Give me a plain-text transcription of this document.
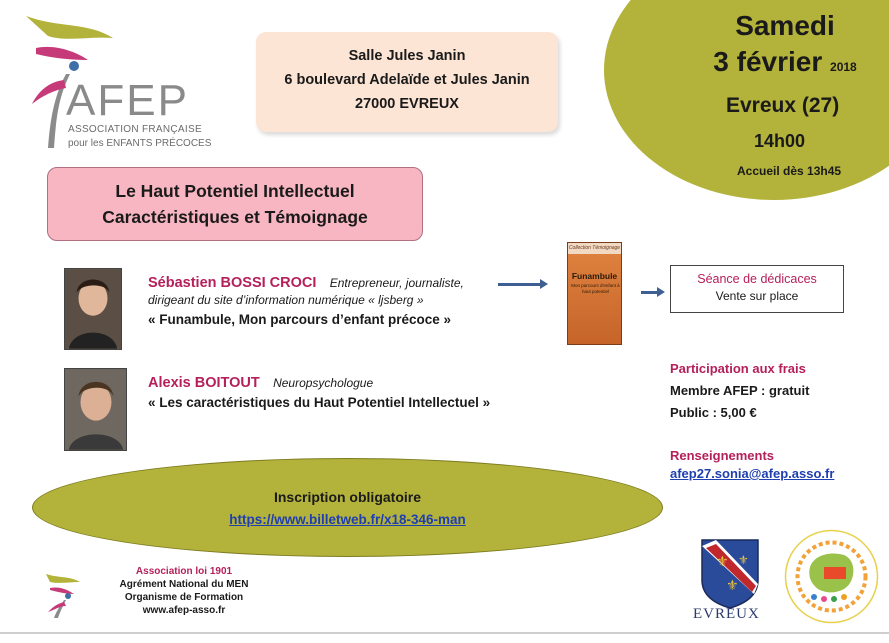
AFEP
ASSOCIATION FRANÇAISE
pour les ENFANTS PRÉCOCES
Salle Jules Janin
6 boulevard Adelaïde et Jules Janin
27000 EVREUX
Samedi
3 février 2018
Evreux (27)
14h00
Accueil dès 13h45
Le Haut Potentiel Intellectuel
Caractéristiques et Témoignage
Sébastien BOSSI CROCI Entrepreneur, journaliste,
dirigeant du site d’information numérique « ljsberg »
« Funambule, Mon parcours d’enfant précoce »
Alexis BOITOUT Neuropsychologue
« Les caractéristiques du Haut Potentiel Intellectuel »
Collection Témoignage
Funambule
Mon parcours d'enfant à haut potentiel
Séance de dédicaces
Vente sur place
Participation aux frais
Membre AFEP : gratuit
Public : 5,00 €
Renseignements
afep27.sonia@afep.asso.fr
Inscription obligatoire
https://www.billetweb.fr/x18-346-man
Association loi 1901
Agrément National du MEN
Organisme de Formation
www.afep-asso.fr
⚜ ⚜
⚜
EVREUX
